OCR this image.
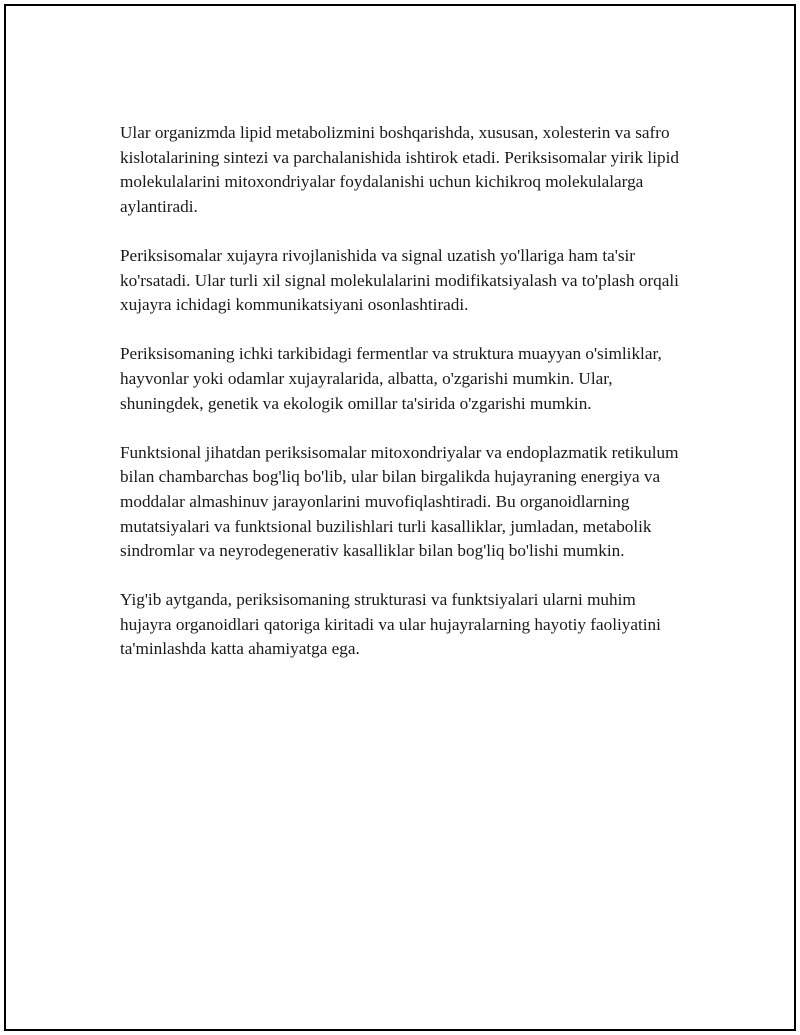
Ular organizmda lipid metabolizmini boshqarishda, xususan, xolesterin va safro kislotalarining sintezi va parchalanishida ishtirok etadi. Periksisomalar yirik lipid molekulalarini mitoxondriyalar foydalanishi uchun kichikroq molekulalarga aylantiradi.

Periksisomalar xujayra rivojlanishida va signal uzatish yo'llariga ham ta'sir ko'rsatadi. Ular turli xil signal molekulalarini modifikatsiyalash va to'plash orqali xujayra ichidagi kommunikatsiyani osonlashtiradi.

Periksisomaning ichki tarkibidagi fermentlar va struktura muayyan o'simliklar, hayvonlar yoki odamlar xujayralarida, albatta, o'zgarishi mumkin. Ular, shuningdek, genetik va ekologik omillar ta'sirida o'zgarishi mumkin.

Funktsional jihatdan periksisomalar mitoxondriyalar va endoplazmatik retikulum bilan chambarchas bog'liq bo'lib, ular bilan birgalikda hujayraning energiya va moddalar almashinuv jarayonlarini muvofiqlashtiradi. Bu organoidlarning mutatsiyalari va funktsional buzilishlari turli kasalliklar, jumladan, metabolik sindromlar va neyrodegenerativ kasalliklar bilan bog'liq bo'lishi mumkin.

Yig'ib aytganda, periksisomaning strukturasi va funktsiyalari ularni muhim hujayra organoidlari qatoriga kiritadi va ular hujayralarning hayotiy faoliyatini ta'minlashda katta ahamiyatga ega.
